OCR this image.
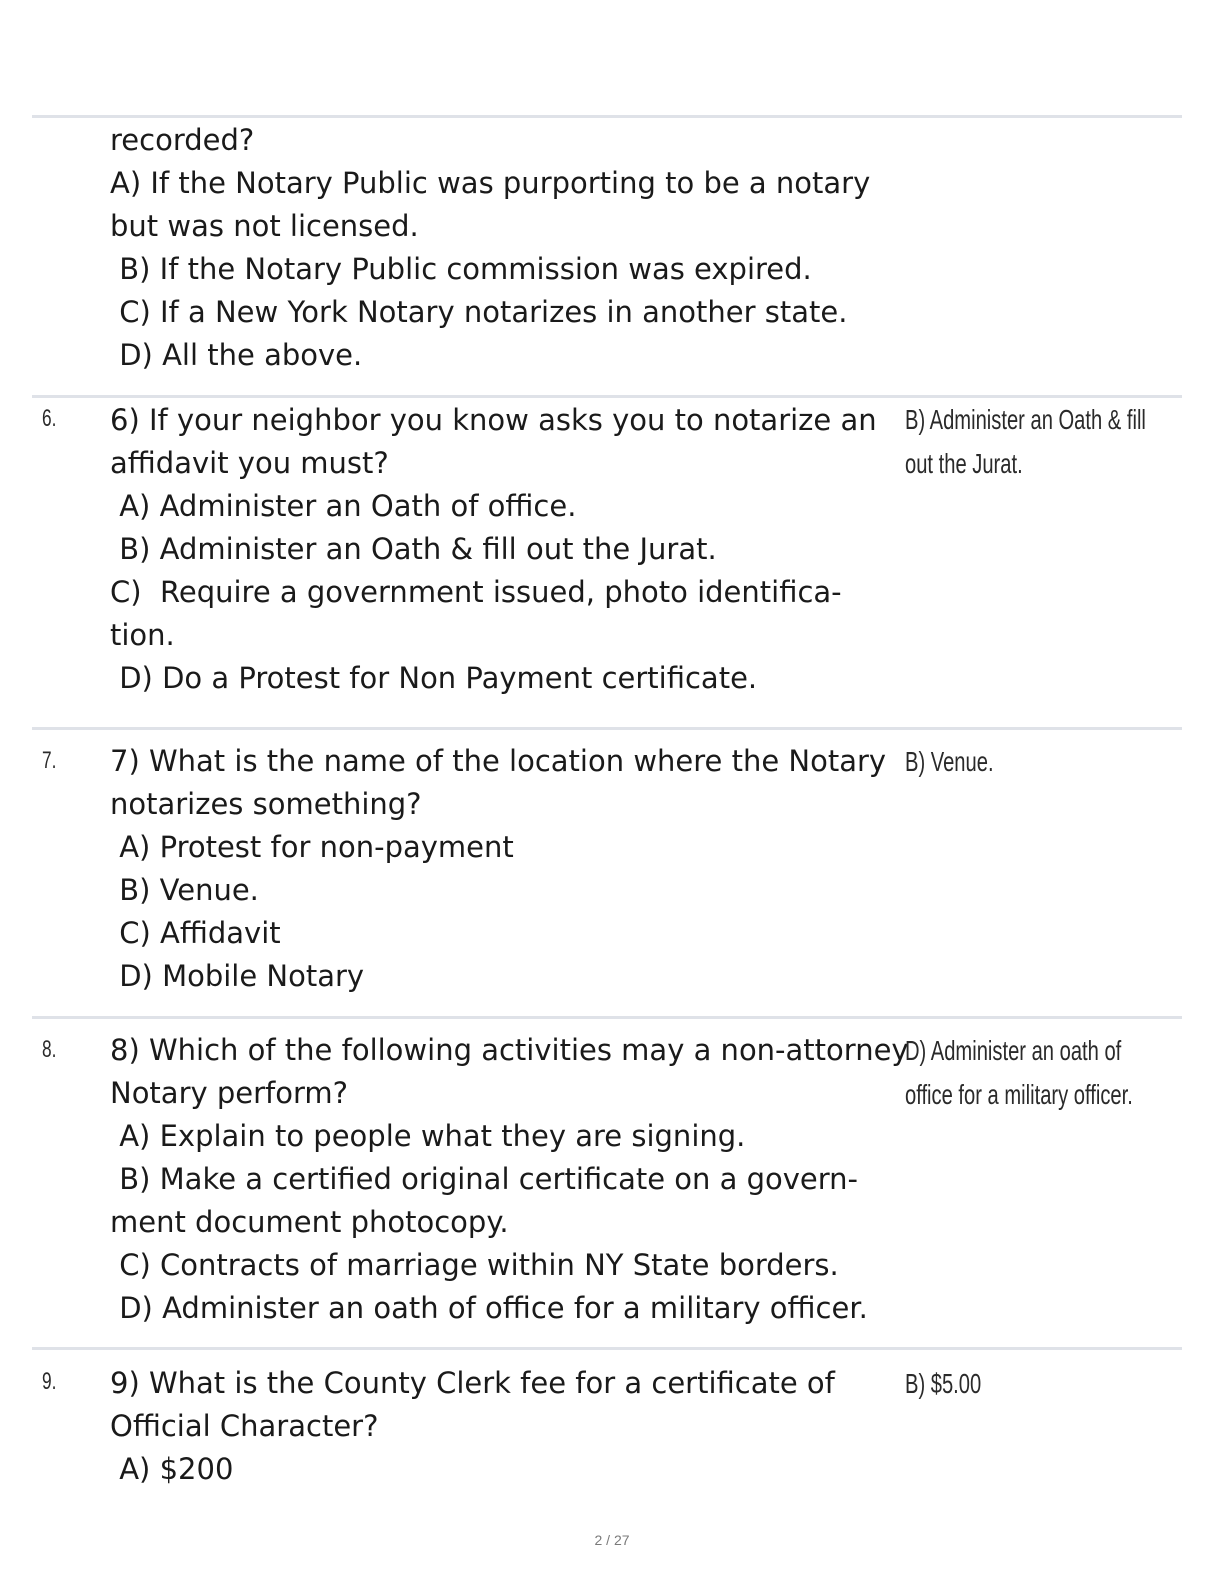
recorded?
A) If the Notary Public was purporting to be a notary
but was not licensed.
B) If the Notary Public commission was expired.
C) If a New York Notary notarizes in another state.
D) All the above.
6. 6) If your neighbor you know asks you to notarize an
affidavit you must?
A) Administer an Oath of office.
B) Administer an Oath & fill out the Jurat.
C)  Require a government issued, photo identifica-
tion.
D) Do a Protest for Non Payment certificate.
B) Administer an Oath & fill
out the Jurat.
7. 7) What is the name of the location where the Notary
notarizes something?
A) Protest for non-payment
B) Venue.
C) Affidavit
D) Mobile Notary
B) Venue.
8. 8) Which of the following activities may a non-attorney
Notary perform?
A) Explain to people what they are signing.
B) Make a certified original certificate on a govern-
ment document photocopy.
C) Contracts of marriage within NY State borders.
D) Administer an oath of office for a military officer.
D) Administer an oath of
office for a military officer.
9. 9) What is the County Clerk fee for a certificate of
Official Character?
A) $200
B) $5.00
2 / 27
